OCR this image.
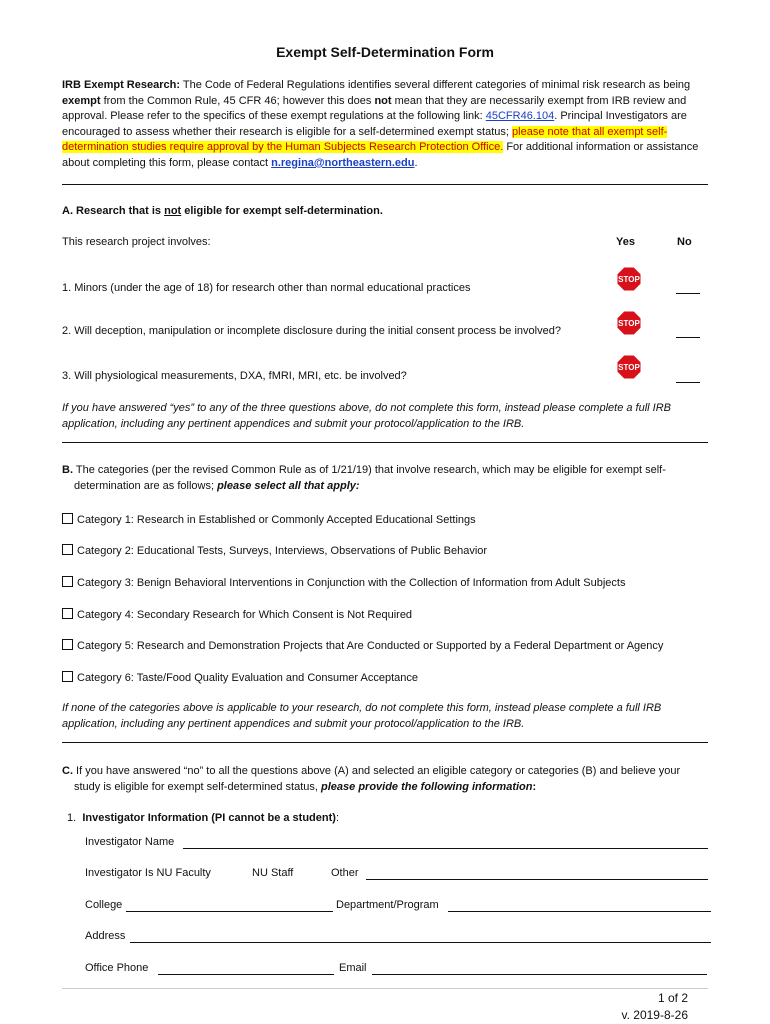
Exempt Self-Determination Form
IRB Exempt Research: The Code of Federal Regulations identifies several different categories of minimal risk research as being exempt from the Common Rule, 45 CFR 46; however this does not mean that they are necessarily exempt from IRB review and approval. Please refer to the specifics of these exempt regulations at the following link: 45CFR46.104. Principal Investigators are encouraged to assess whether their research is eligible for a self-determined exempt status; please note that all exempt self-determination studies require approval by the Human Subjects Research Protection Office. For additional information or assistance about completing this form, please contact n.regina@northeastern.edu.
A. Research that is not eligible for exempt self-determination.
This research project involves:	Yes	No
1. Minors (under the age of 18) for research other than normal educational practices
STOP
2. Will deception, manipulation or incomplete disclosure during the initial consent process be involved?
STOP
3. Will physiological measurements, DXA, fMRI, MRI, etc. be involved?
STOP
If you have answered “yes” to any of the three questions above, do not complete this form, instead please complete a full IRB
application, including any pertinent appendices and submit your protocol/application to the IRB.
B. The categories (per the revised Common Rule as of 1/21/19) that involve research, which may be eligible for exempt self-
determination are as follows; please select all that apply:
Category 1: Research in Established or Commonly Accepted Educational Settings
Category 2: Educational Tests, Surveys, Interviews, Observations of Public Behavior
Category 3: Benign Behavioral Interventions in Conjunction with the Collection of Information from Adult Subjects
Category 4: Secondary Research for Which Consent is Not Required
Category 5: Research and Demonstration Projects that Are Conducted or Supported by a Federal Department or Agency
Category 6: Taste/Food Quality Evaluation and Consumer Acceptance
If none of the categories above is applicable to your research, do not complete this form, instead please complete a full IRB
application, including any pertinent appendices and submit your protocol/application to the IRB.
C. If you have answered “no” to all the questions above (A) and selected an eligible category or categories (B) and believe your
study is eligible for exempt self-determined status, please provide the following information:
1. Investigator Information (PI cannot be a student):
Investigator Name
Investigator Is NU Faculty	NU Staff	Other
College	Department/Program
Address
Office Phone	Email
1 of 2
v. 2019-8-26
